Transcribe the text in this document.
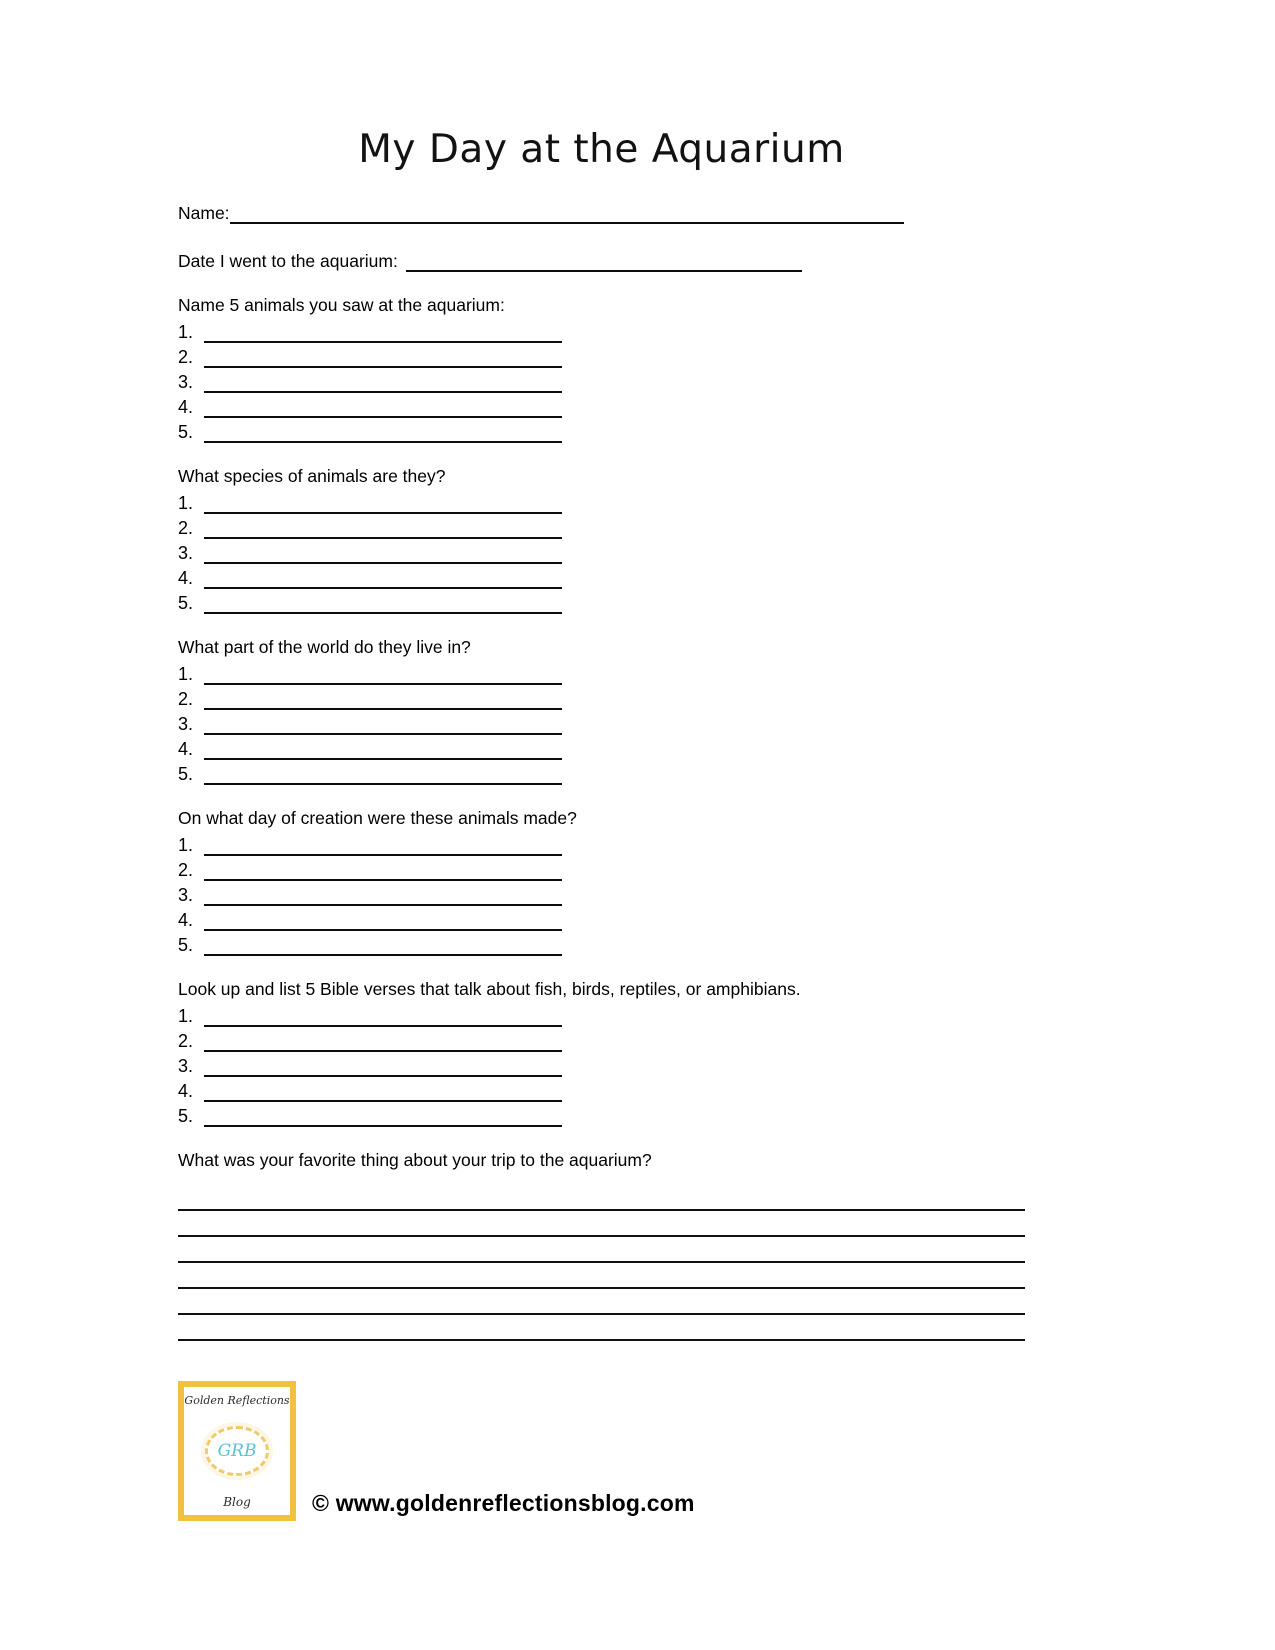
My Day at the Aquarium
Name:
Date I went to the aquarium:
Name 5 animals you saw at the aquarium:
1.
2.
3.
4.
5.
What species of animals are they?
1.
2.
3.
4.
5.
What part of the world do they live in?
1.
2.
3.
4.
5.
On what day of creation were these animals made?
1.
2.
3.
4.
5.
Look up and list 5 Bible verses that talk about fish, birds, reptiles, or amphibians.
1.
2.
3.
4.
5.
What was your favorite thing about your trip to the aquarium?
Golden Reflections
GRB
Blog	© www.goldenreflectionsblog.com
